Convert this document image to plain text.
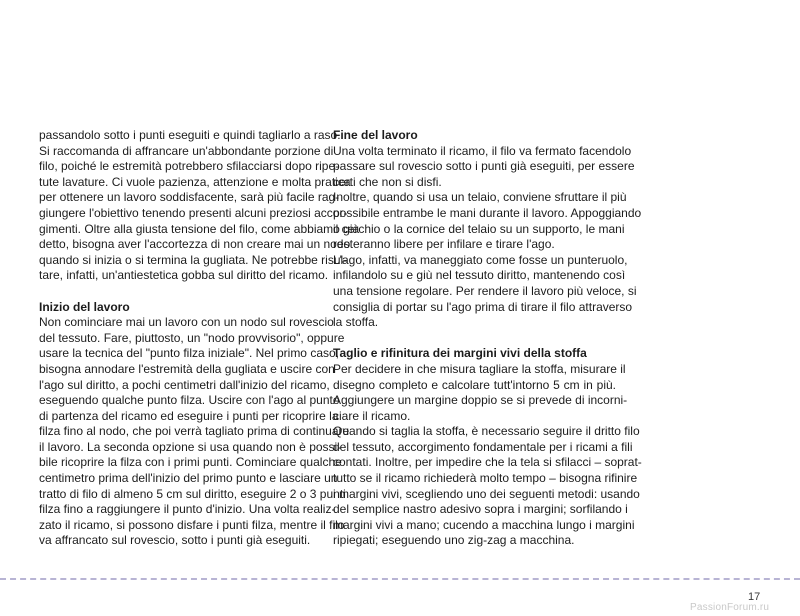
passandolo sotto i punti eseguiti e quindi tagliarlo a raso.
Si raccomanda di affrancare un'abbondante porzione di
filo, poiché le estremità potrebbero sfilacciarsi dopo ripe-
tute lavature. Ci vuole pazienza, attenzione e molta pratica
per ottenere un lavoro soddisfacente, sarà più facile rag-
giungere l'obiettivo tenendo presenti alcuni preziosi accor-
gimenti. Oltre alla giusta tensione del filo, come abbiamo già
detto, bisogna aver l'accortezza di non creare mai un nodo
quando si inizia o si termina la gugliata. Ne potrebbe risul-
tare, infatti, un'antiestetica gobba sul diritto del ricamo.
Inizio del lavoro
Non cominciare mai un lavoro con un nodo sul rovescio
del tessuto. Fare, piuttosto, un "nodo provvisorio", oppure
usare la tecnica del "punto filza iniziale". Nel primo caso,
bisogna annodare l'estremità della gugliata e uscire con
l'ago sul diritto, a pochi centimetri dall'inizio del ricamo,
eseguendo qualche punto filza. Uscire con l'ago al punto
di partenza del ricamo ed eseguire i punti per ricoprire la
filza fino al nodo, che poi verrà tagliato prima di continuare
il lavoro. La seconda opzione si usa quando non è possi-
bile ricoprire la filza con i primi punti. Cominciare qualche
centimetro prima dell'inizio del primo punto e lasciare un
tratto di filo di almeno 5 cm sul diritto, eseguire 2 o 3 punti
filza fino a raggiungere il punto d'inizio. Una volta realiz-
zato il ricamo, si possono disfare i punti filza, mentre il filo
va affrancato sul rovescio, sotto i punti già eseguiti.
Fine del lavoro
Una volta terminato il ricamo, il filo va fermato facendolo
passare sul rovescio sotto i punti già eseguiti, per essere
certi che non si disfi.
Inoltre, quando si usa un telaio, conviene sfruttare il più
possibile entrambe le mani durante il lavoro. Appoggiando
il cerchio o la cornice del telaio su un supporto, le mani
resteranno libere per infilare e tirare l'ago.
L'ago, infatti, va maneggiato come fosse un punteruolo,
infilandolo su e giù nel tessuto diritto, mantenendo così
una tensione regolare. Per rendere il lavoro più veloce, si
consiglia di portar su l'ago prima di tirare il filo attraverso
la stoffa.
Taglio e rifinitura dei margini vivi della stoffa
Per decidere in che misura tagliare la stoffa, misurare il
disegno completo e calcolare tutt'intorno 5 cm in più.
Aggiungere un margine doppio se si prevede di incorni-
ciare il ricamo.
Quando si taglia la stoffa, è necessario seguire il dritto filo
del tessuto, accorgimento fondamentale per i ricami a fili
contati. Inoltre, per impedire che la tela si sfilacci – soprat-
tutto se il ricamo richiederà molto tempo – bisogna rifinire
i margini vivi, scegliendo uno dei seguenti metodi: usando
del semplice nastro adesivo sopra i margini; sorfilando i
margini vivi a mano; cucendo a macchina lungo i margini
ripiegati; eseguendo uno zig-zag a macchina.
17
PassionForum.ru
